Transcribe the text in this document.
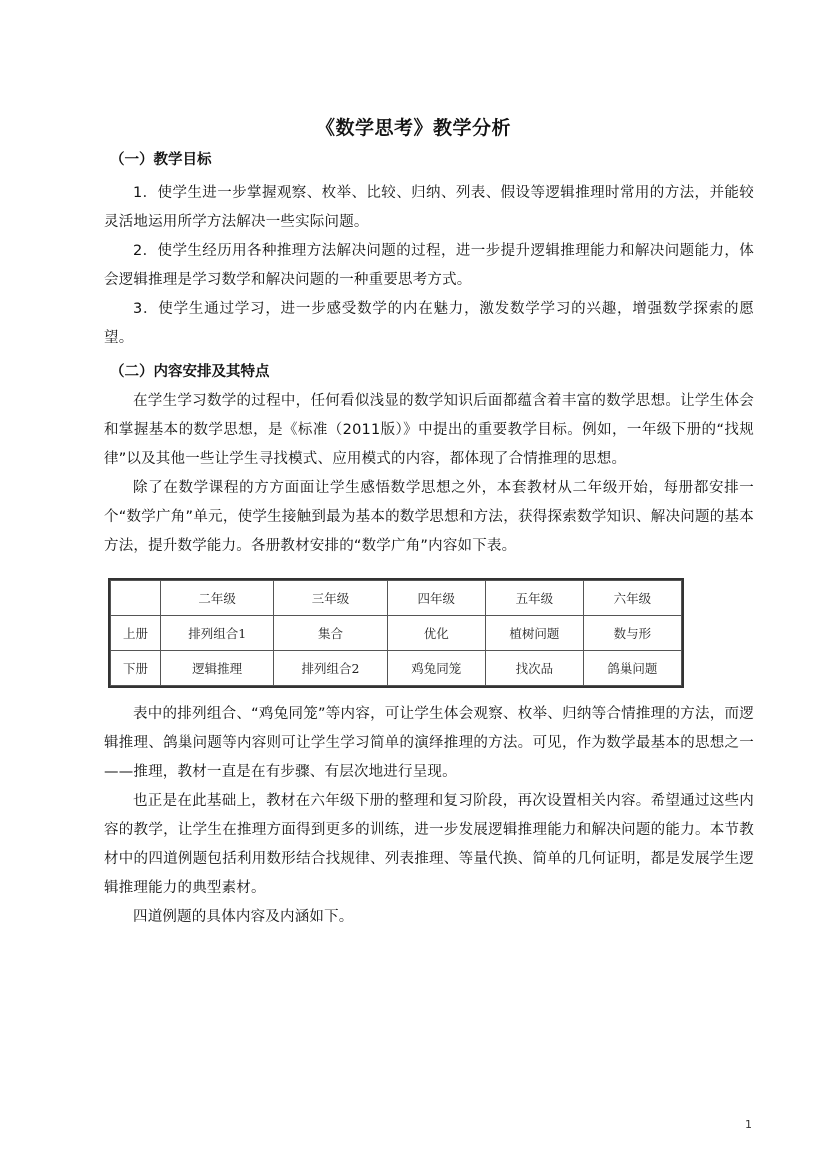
《数学思考》教学分析

（一）教学目标

1．使学生进一步掌握观察、枚举、比较、归纳、列表、假设等逻辑推理时常用的方法，并能较灵活地运用所学方法解决一些实际问题。

2．使学生经历用各种推理方法解决问题的过程，进一步提升逻辑推理能力和解决问题能力，体会逻辑推理是学习数学和解决问题的一种重要思考方式。

3．使学生通过学习，进一步感受数学的内在魅力，激发数学学习的兴趣，增强数学探索的愿望。

（二）内容安排及其特点

在学生学习数学的过程中，任何看似浅显的数学知识后面都蕴含着丰富的数学思想。让学生体会和掌握基本的数学思想，是《标准（2011版）》中提出的重要教学目标。例如，一年级下册的“找规律”以及其他一些让学生寻找模式、应用模式的内容，都体现了合情推理的思想。

除了在数学课程的方方面面让学生感悟数学思想之外，本套教材从二年级开始，每册都安排一个“数学广角”单元，使学生接触到最为基本的数学思想和方法，获得探索数学知识、解决问题的基本方法，提升数学能力。各册教材安排的“数学广角”内容如下表。

	二年级	三年级	四年级	五年级	六年级
上册	排列组合1	集合	优化	植树问题	数与形
下册	逻辑推理	排列组合2	鸡兔同笼	找次品	鸽巢问题

表中的排列组合、“鸡兔同笼”等内容，可让学生体会观察、枚举、归纳等合情推理的方法，而逻辑推理、鸽巢问题等内容则可让学生学习简单的演绎推理的方法。可见，作为数学最基本的思想之一——推理，教材一直是在有步骤、有层次地进行呈现。

也正是在此基础上，教材在六年级下册的整理和复习阶段，再次设置相关内容。希望通过这些内容的教学，让学生在推理方面得到更多的训练，进一步发展逻辑推理能力和解决问题的能力。本节教材中的四道例题包括利用数形结合找规律、列表推理、等量代换、简单的几何证明，都是发展学生逻辑推理能力的典型素材。

四道例题的具体内容及内涵如下。

1
